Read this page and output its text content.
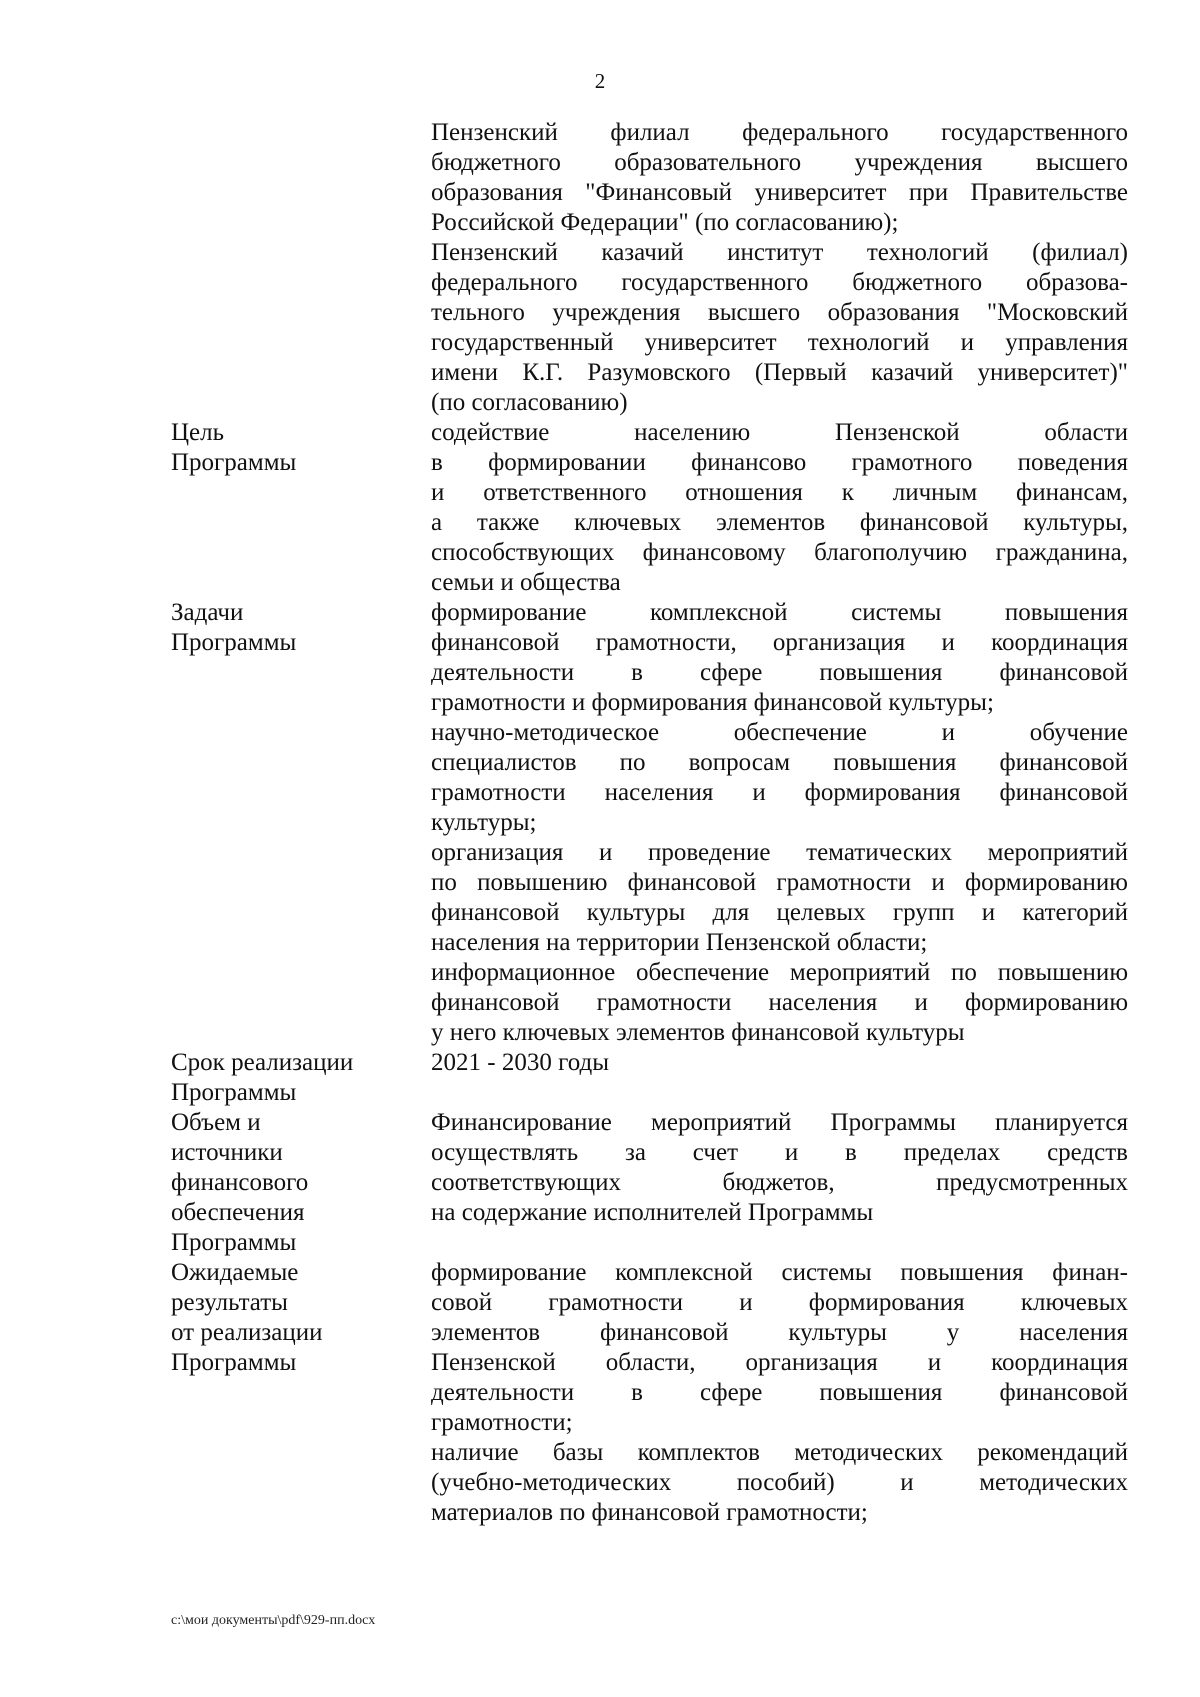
2
Пензенский филиал федерального государственного
бюджетного образовательного учреждения высшего
образования "Финансовый университет при Правительстве
Российской Федерации" (по согласованию);
Пензенский казачий институт технологий (филиал)
федерального государственного бюджетного образова-
тельного учреждения высшего образования "Московский
государственный университет технологий и управления
имени К.Г. Разумовского (Первый казачий университет)"
(по согласованию)
Цель
Программы
содействие населению Пензенской области
в формировании финансово грамотного поведения
и ответственного отношения к личным финансам,
а также ключевых элементов финансовой культуры,
способствующих финансовому благополучию гражданина,
семьи и общества
Задачи
Программы
формирование комплексной системы повышения
финансовой грамотности, организация и координация
деятельности в сфере повышения финансовой
грамотности и формирования финансовой культуры;
научно-методическое обеспечение и обучение
специалистов по вопросам повышения финансовой
грамотности населения и формирования финансовой
культуры;
организация и проведение тематических мероприятий
по повышению финансовой грамотности и формированию
финансовой культуры для целевых групп и категорий
населения на территории Пензенской области;
информационное обеспечение мероприятий по повышению
финансовой грамотности населения и формированию
у него ключевых элементов финансовой культуры
Срок реализации
Программы
2021 - 2030 годы
Объем и
источники
финансового
обеспечения
Программы
Финансирование мероприятий Программы планируется
осуществлять за счет и в пределах средств
соответствующих бюджетов, предусмотренных
на содержание исполнителей Программы
Ожидаемые
результаты
от реализации
Программы
формирование комплексной системы повышения финан-
совой грамотности и формирования ключевых
элементов финансовой культуры у населения
Пензенской области, организация и координация
деятельности в сфере повышения финансовой
грамотности;
наличие базы комплектов методических рекомендаций
(учебно-методических пособий) и методических
материалов по финансовой грамотности;
c:\мои документы\pdf\929-пп.docx
